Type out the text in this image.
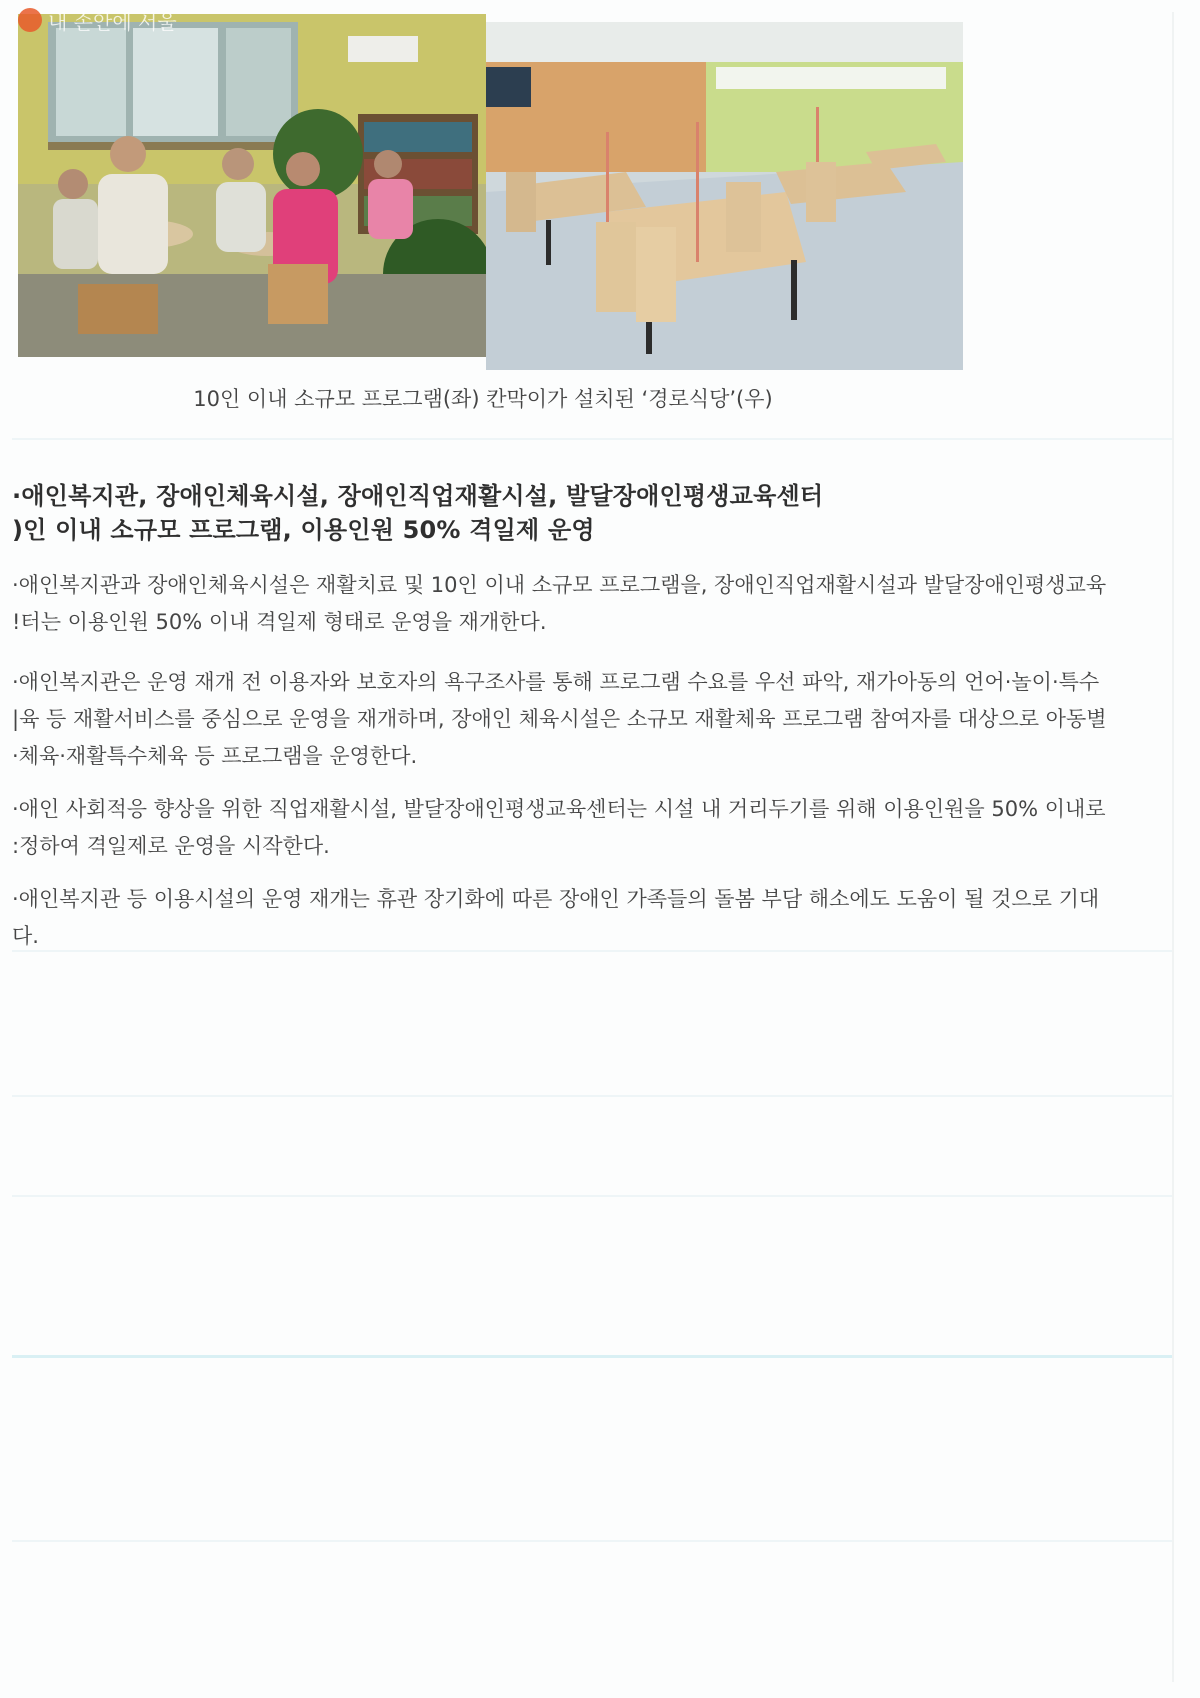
내 손안에 서울
10인 이내 소규모 프로그램(좌) 칸막이가 설치된 ‘경로식당’(우)
·애인복지관, 장애인체육시설, 장애인직업재활시설, 발달장애인평생교육센터
)인 이내 소규모 프로그램, 이용인원 50% 격일제 운영
·애인복지관과 장애인체육시설은 재활치료 및 10인 이내 소규모 프로그램을, 장애인직업재활시설과 발달장애인평생교육
!터는 이용인원 50% 이내 격일제 형태로 운영을 재개한다.
·애인복지관은 운영 재개 전 이용자와 보호자의 욕구조사를 통해 프로그램 수요를 우선 파악, 재가아동의 언어·놀이·특수
|육 등 재활서비스를 중심으로 운영을 재개하며, 장애인 체육시설은 소규모 재활체육 프로그램 참여자를 대상으로 아동별
·체육·재활특수체육 등 프로그램을 운영한다.
·애인 사회적응 향상을 위한 직업재활시설, 발달장애인평생교육센터는 시설 내 거리두기를 위해 이용인원을 50% 이내로
:정하여 격일제로 운영을 시작한다.
·애인복지관 등 이용시설의 운영 재개는 휴관 장기화에 따른 장애인 가족들의 돌봄 부담 해소에도 도움이 될 것으로 기대
다.
